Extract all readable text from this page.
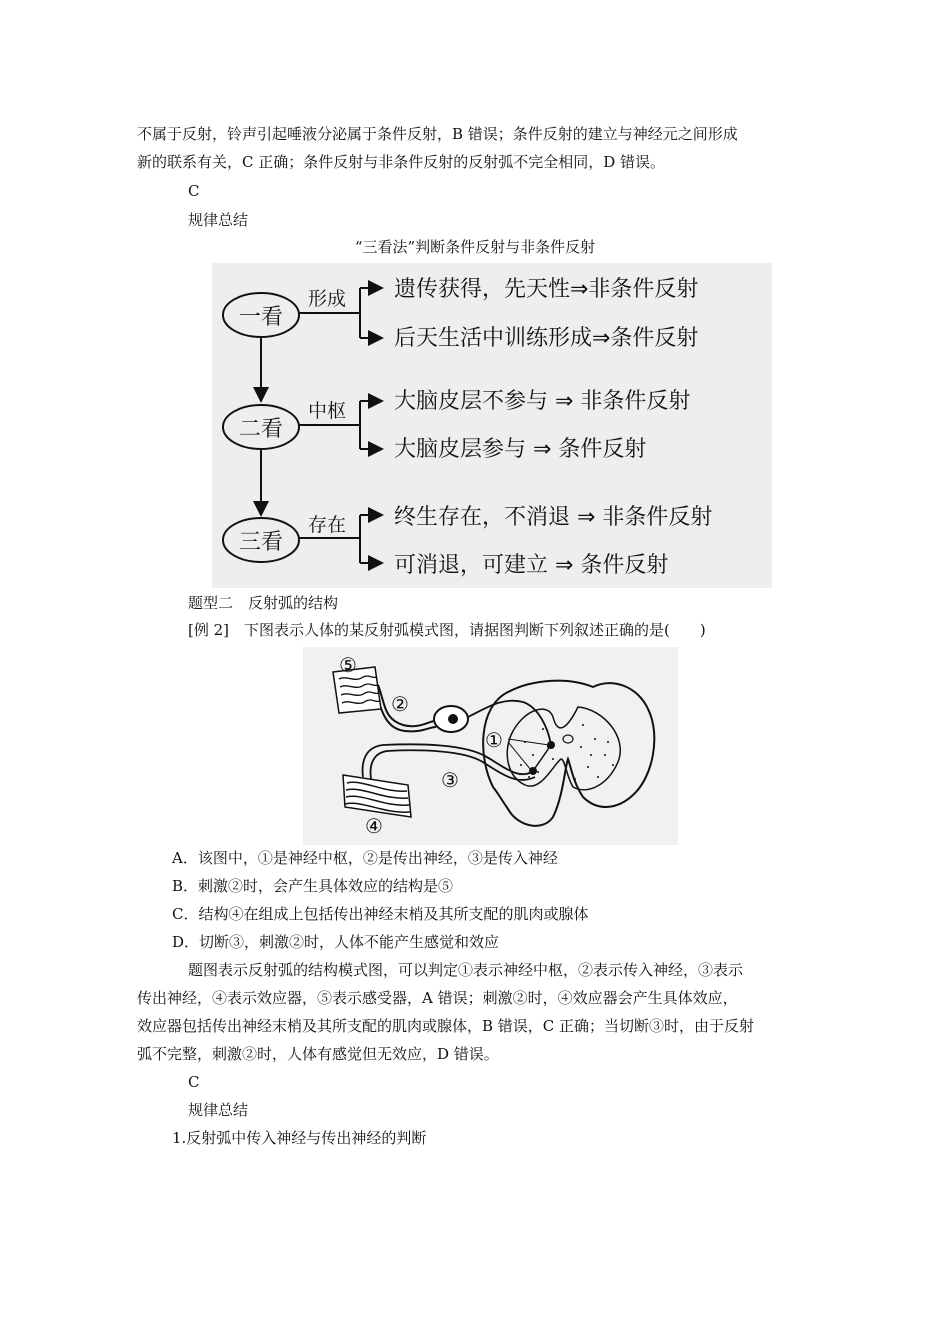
不属于反射，铃声引起唾液分泌属于条件反射，B 错误；条件反射的建立与神经元之间形成
新的联系有关，C 正确；条件反射与非条件反射的反射弧不完全相同，D 错误。
C
规律总结
“三看法”判断条件反射与非条件反射
一看
形成 遗传获得，先天性⇒非条件反射
后天生活中训练形成⇒条件反射
二看
中枢 大脑皮层不参与 ⇒ 非条件反射
大脑皮层参与 ⇒ 条件反射
三看
存在 终生存在，不消退 ⇒ 非条件反射
可消退，可建立 ⇒ 条件反射
题型二　反射弧的结构
[例 2]　下图表示人体的某反射弧模式图，请据图判断下列叙述正确的是(　　)
⑤
②
①
③
④
A．该图中，①是神经中枢，②是传出神经，③是传入神经
B．刺激②时，会产生具体效应的结构是⑤
C．结构④在组成上包括传出神经末梢及其所支配的肌肉或腺体
D．切断③，刺激②时，人体不能产生感觉和效应
题图表示反射弧的结构模式图，可以判定①表示神经中枢，②表示传入神经，③表示
传出神经，④表示效应器，⑤表示感受器，A 错误；刺激②时，④效应器会产生具体效应，
效应器包括传出神经末梢及其所支配的肌肉或腺体，B 错误，C 正确；当切断③时，由于反射
弧不完整，刺激②时，人体有感觉但无效应，D 错误。
C
规律总结
1.反射弧中传入神经与传出神经的判断
